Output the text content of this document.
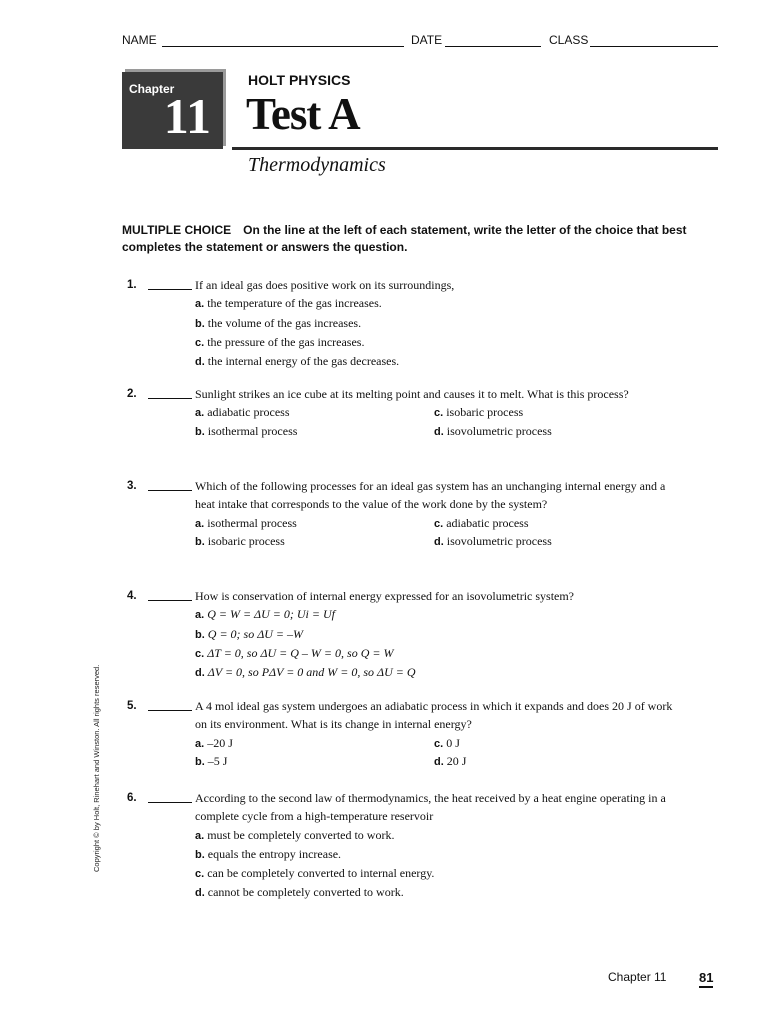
NAME	DATE	CLASS
Chapter
11
HOLT PHYSICS
Test A
Thermodynamics
MULTIPLE CHOICE On the line at the left of each statement, write the letter of the choice that best completes the statement or answers the question.
1.	If an ideal gas does positive work on its surroundings,
a. the temperature of the gas increases.
b. the volume of the gas increases.
c. the pressure of the gas increases.
d. the internal energy of the gas decreases.
2.	Sunlight strikes an ice cube at its melting point and causes it to melt. What is this process?
a. adiabatic process	c. isobaric process
b. isothermal process	d. isovolumetric process
3.	Which of the following processes for an ideal gas system has an unchanging internal energy and a heat intake that corresponds to the value of the work done by the system?
a. isothermal process	c. adiabatic process
b. isobaric process	d. isovolumetric process
4.	How is conservation of internal energy expressed for an isovolumetric system?
a. Q = W = ΔU = 0; Ui = Uf
b. Q = 0; so ΔU = –W
c. ΔT = 0, so ΔU = Q – W = 0, so Q = W
d. ΔV = 0, so PΔV = 0 and W = 0, so ΔU = Q
5.	A 4 mol ideal gas system undergoes an adiabatic process in which it expands and does 20 J of work on its environment. What is its change in internal energy?
a. –20 J	c. 0 J
b. –5 J	d. 20 J
6.	According to the second law of thermodynamics, the heat received by a heat engine operating in a complete cycle from a high-temperature reservoir
a. must be completely converted to work.
b. equals the entropy increase.
c. can be completely converted to internal energy.
d. cannot be completely converted to work.
Copyright © by Holt, Rinehart and Winston. All rights reserved.
Chapter 11	81
